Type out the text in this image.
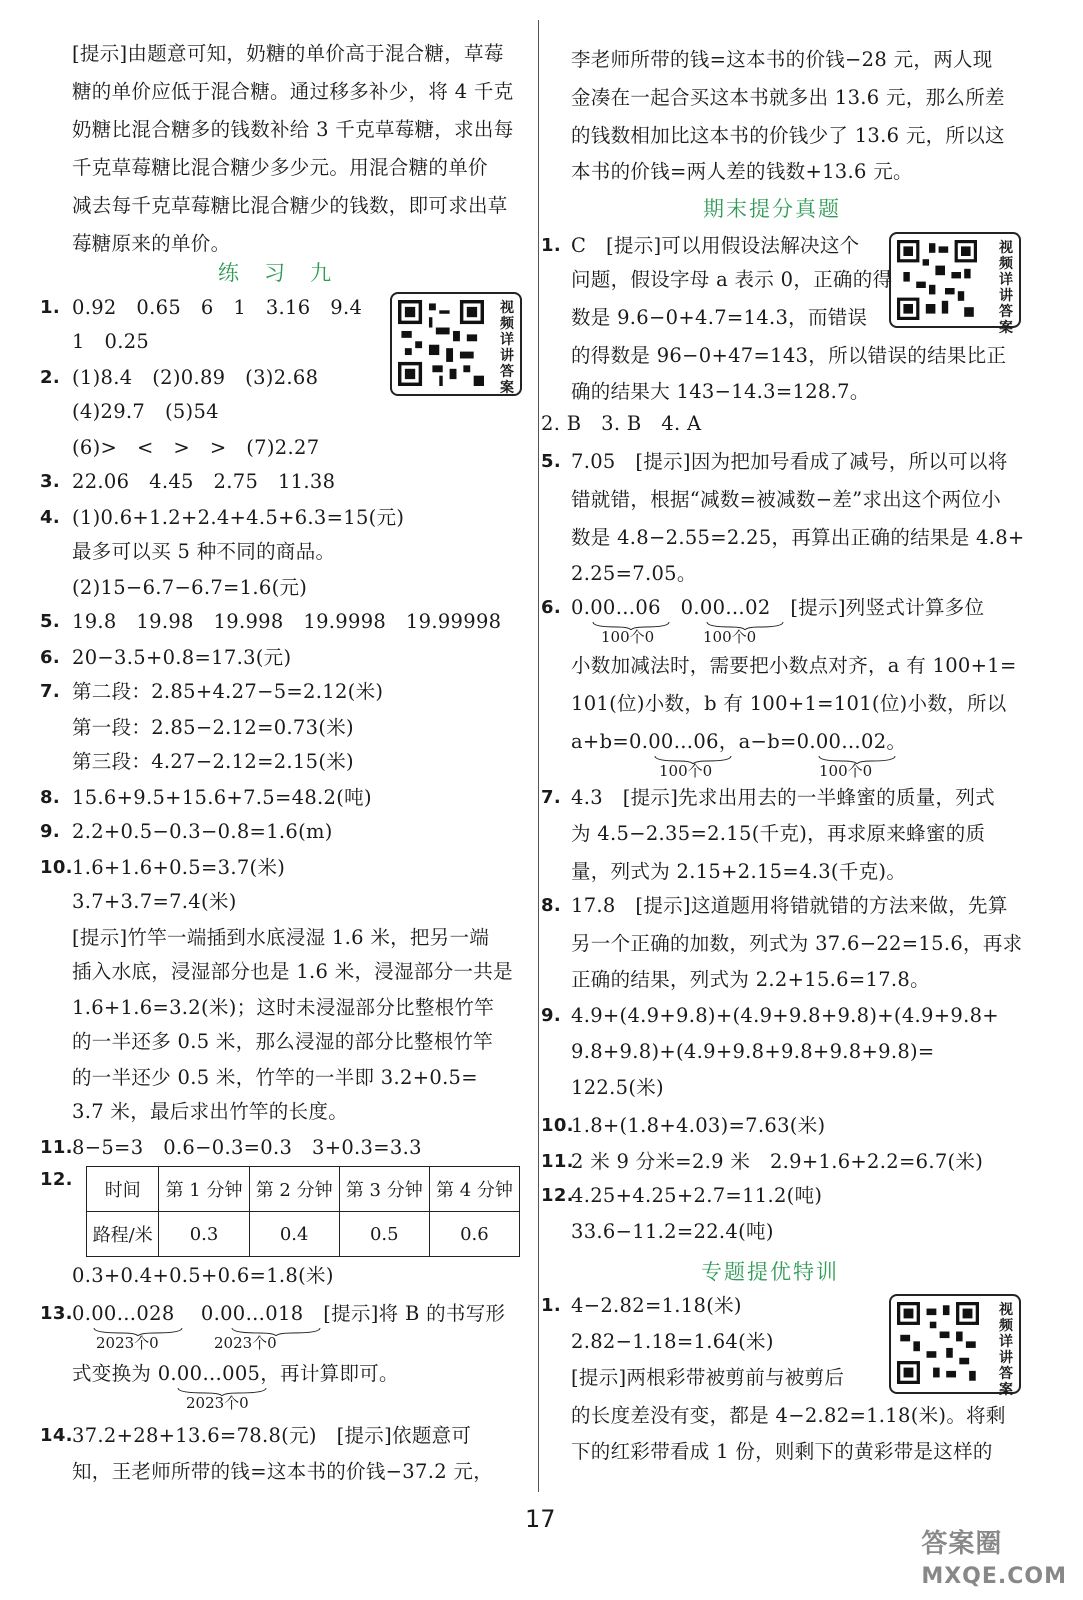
[提示]由题意可知，奶糖的单价高于混合糖，草莓
糖的单价应低于混合糖。通过移多补少，将 4 千克
奶糖比混合糖多的钱数补给 3 千克草莓糖，求出每
千克草莓糖比混合糖少多少元。用混合糖的单价
减去每千克草莓糖比混合糖少的钱数，即可求出草
莓糖原来的单价。
练　习　九
1. 0.92　0.65　6　1　3.16　9.4
1　0.25
2. (1)8.4　(2)0.89　(3)2.68
(4)29.7　(5)54
(6)>　<　>　>　(7)2.27
3. 22.06　4.45　2.75　11.38
4. (1)0.6+1.2+2.4+4.5+6.3=15(元)
最多可以买 5 种不同的商品。
(2)15−6.7−6.7=1.6(元)
5. 19.8　19.98　19.998　19.9998　19.99998
6. 20−3.5+0.8=17.3(元)
7. 第二段：2.85+4.27−5=2.12(米)
第一段：2.85−2.12=0.73(米)
第三段：4.27−2.12=2.15(米)
8. 15.6+9.5+15.6+7.5=48.2(吨)
9. 2.2+0.5−0.3−0.8=1.6(m)
10. 1.6+1.6+0.5=3.7(米)
3.7+3.7=7.4(米)
[提示]竹竿一端插到水底浸湿 1.6 米，把另一端
插入水底，浸湿部分也是 1.6 米，浸湿部分一共是
1.6+1.6=3.2(米)；这时未浸湿部分比整根竹竿
的一半还多 0.5 米，那么浸湿的部分比整根竹竿
的一半还少 0.5 米，竹竿的一半即 3.2+0.5=
3.7 米，最后求出竹竿的长度。
11. 8−5=3　0.6−0.3=0.3　3+0.3=3.3
视频详讲答案
12.
时间	第 1 分钟	第 2 分钟	第 3 分钟	第 4 分钟
路程/米	0.3	0.4	0.5	0.6
0.3+0.4+0.5+0.6=1.8(米)
13. 0.00…028　 0.00…018　 [提示]将 B 的书写形
2023个0	2023个0
式变换为 0.00…005，再计算即可。
2023个0
14. 37.2+28+13.6=78.8(元)　[提示]依题意可
知，王老师所带的钱=这本书的价钱−37.2 元，
李老师所带的钱=这本书的价钱−28 元，两人现
金凑在一起合买这本书就多出 13.6 元，那么所差
的钱数相加比这本书的价钱少了 13.6 元，所以这
本书的价钱=两人差的钱数+13.6 元。
期末提分真题
视频详讲答案
1. C　[提示]可以用假设法解决这个
问题，假设字母 a 表示 0，正确的得
数是 9.6−0+4.7=14.3，而错误
的得数是 96−0+47=143，所以错误的结果比正
确的结果大 143−14.3=128.7。
2. B　3. B　4. A
5. 7.05　[提示]因为把加号看成了减号，所以可以将
错就错，根据“减数=被减数−差”求出这个两位小
数是 4.8−2.55=2.25，再算出正确的结果是 4.8+
2.25=7.05。
6. 0.00…06　 0.00…02　 [提示]列竖式计算多位
100个0	100个0
小数加减法时，需要把小数点对齐，a 有 100+1=
101(位)小数，b 有 100+1=101(位)小数，所以
a+b=0.00…06，a−b=0.00…02。
100个0	100个0
7. 4.3　[提示]先求出用去的一半蜂蜜的质量，列式
为 4.5−2.35=2.15(千克)，再求原来蜂蜜的质
量，列式为 2.15+2.15=4.3(千克)。
8. 17.8　[提示]这道题用将错就错的方法来做，先算
另一个正确的加数，列式为 37.6−22=15.6，再求
正确的结果，列式为 2.2+15.6=17.8。
9. 4.9+(4.9+9.8)+(4.9+9.8+9.8)+(4.9+9.8+
9.8+9.8)+(4.9+9.8+9.8+9.8+9.8)=
122.5(米)
10.
1.8+(1.8+4.03)=7.63(米)
11.
2 米 9 分米=2.9 米　2.9+1.6+2.2=6.7(米)
12.
4.25+4.25+2.7=11.2(吨)
33.6−11.2=22.4(吨)
专题提优特训
视频详讲答案
1. 4−2.82=1.18(米)
2.82−1.18=1.64(米)
[提示]两根彩带被剪前与被剪后
的长度差没有变，都是 4−2.82=1.18(米)。将剩
下的红彩带看成 1 份，则剩下的黄彩带是这样的
17
答案圈
MXQE.COM
